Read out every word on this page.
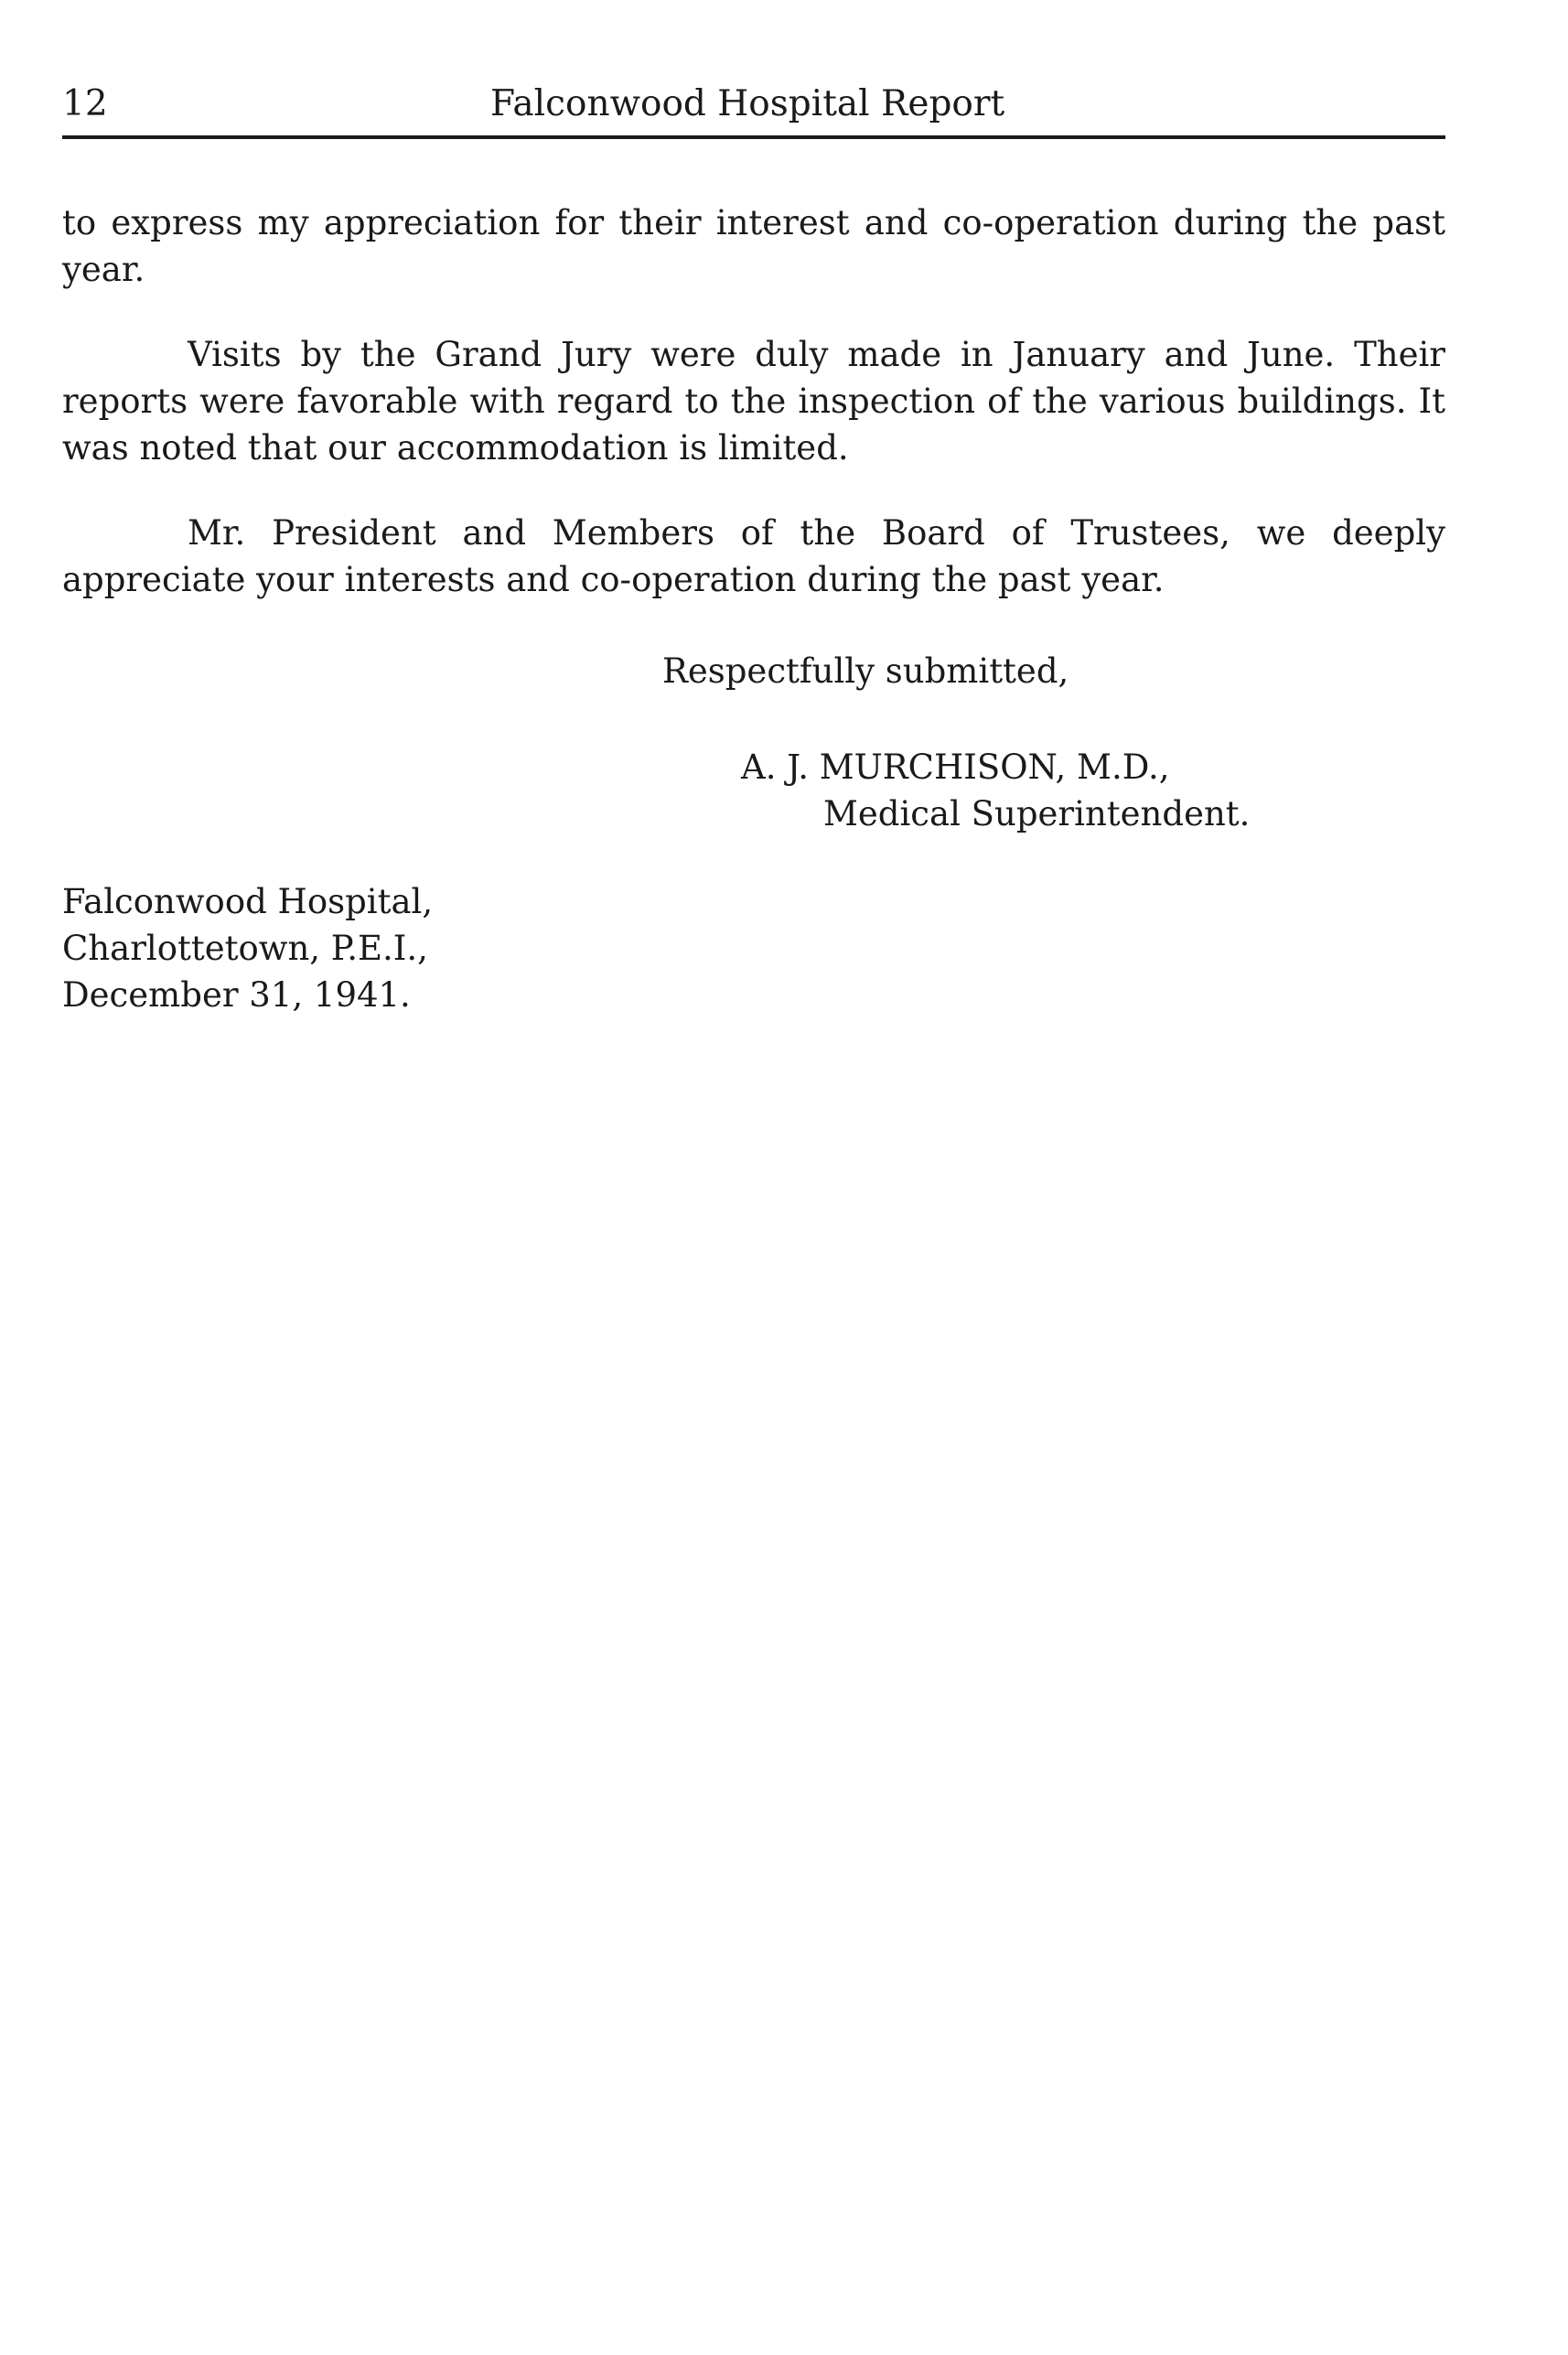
12	Falconwood Hospital Report

to express my appreciation for their interest and co-operation during the past year.

Visits by the Grand Jury were duly made in January and June. Their reports were favorable with regard to the inspection of the various buildings. It was noted that our accommodation is limited.

Mr. President and Members of the Board of Trustees, we deeply appreciate your interests and co-operation during the past year.

Respectfully submitted,
A. J. MURCHISON, M.D.,
Medical Superintendent.
Falconwood Hospital,
Charlottetown, P.E.I.,
December 31, 1941.
